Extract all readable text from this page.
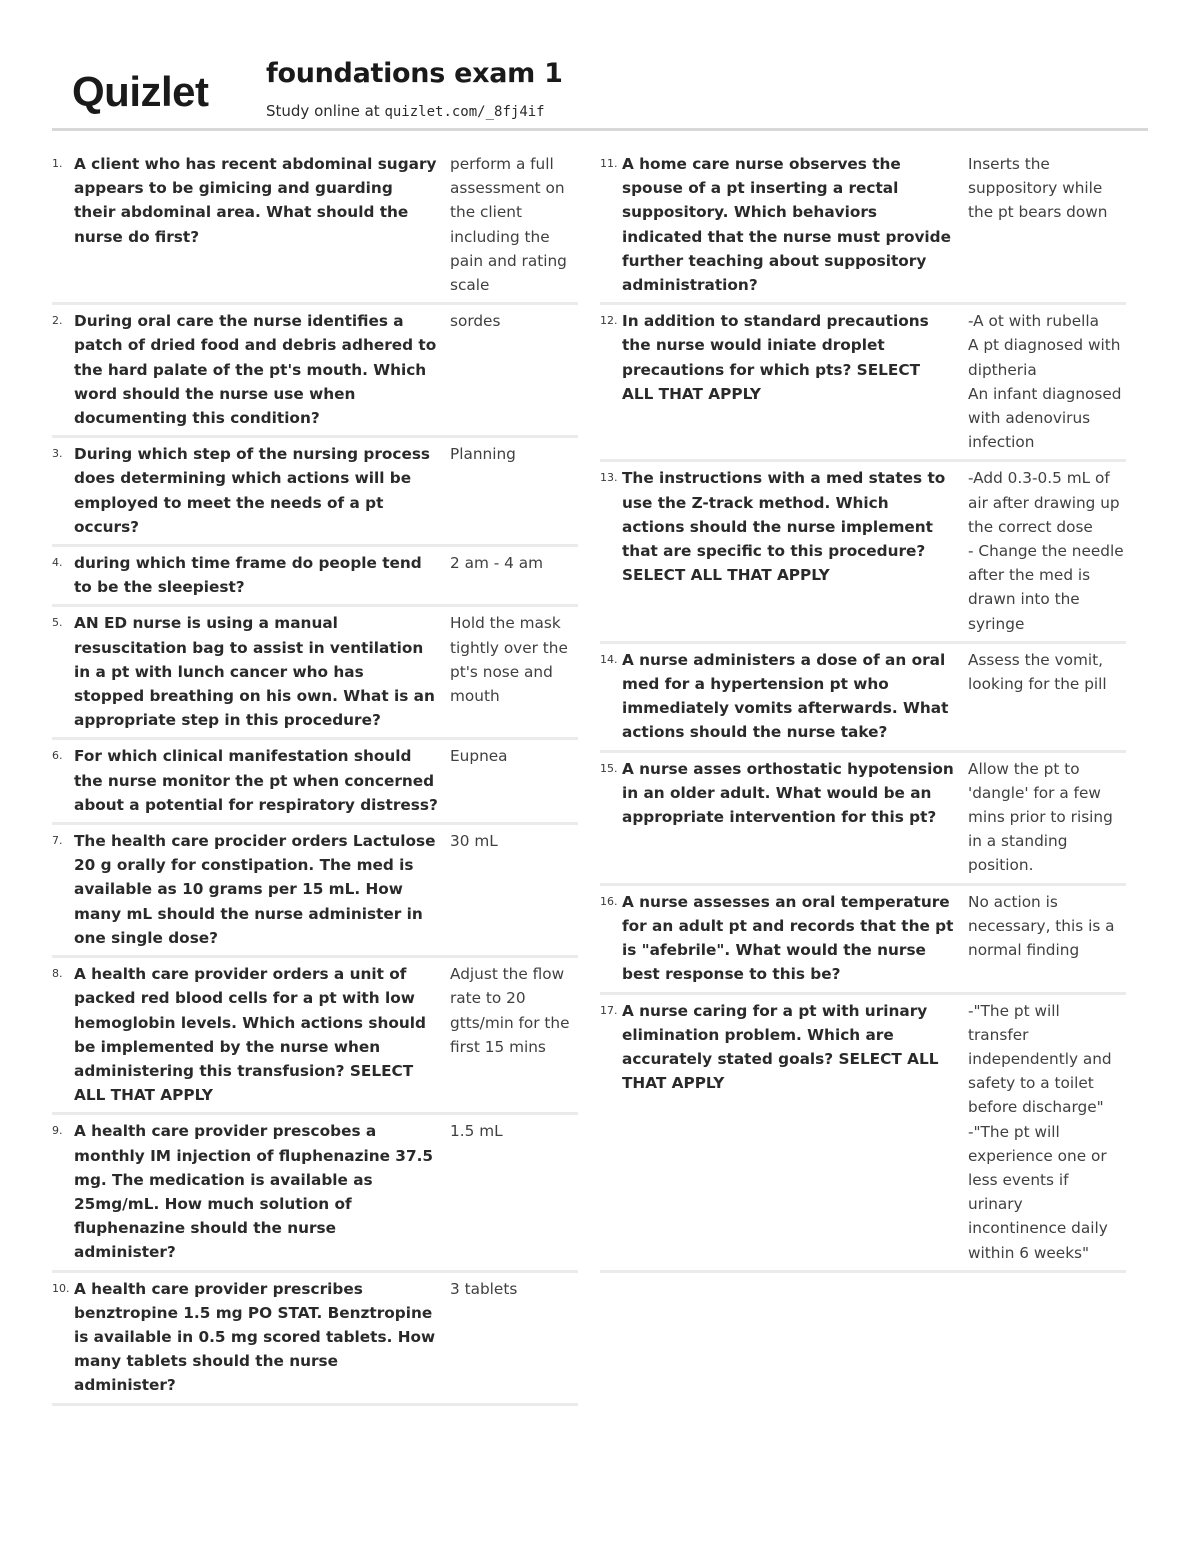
Quizlet foundations exam 1
Study online at quizlet.com/_8fj4if
1. A client who has recent abdominal sugary appears to be gimicing and guarding their abdominal area. What should the nurse do first?
perform a full assessment on the client including the pain and rating scale
2. During oral care the nurse identifies a patch of dried food and debris adhered to the hard palate of the pt's mouth. Which word should the nurse use when documenting this condition?
sordes
3. During which step of the nursing process does determining which actions will be employed to meet the needs of a pt occurs?
Planning
4. during which time frame do people tend to be the sleepiest?
2 am - 4 am
5. AN ED nurse is using a manual resuscitation bag to assist in ventilation in a pt with lunch cancer who has stopped breathing on his own. What is an appropriate step in this procedure?
Hold the mask tightly over the pt's nose and mouth
6. For which clinical manifestation should the nurse monitor the pt when concerned about a potential for respiratory distress?
Eupnea
7. The health care procider orders Lactulose 20 g orally for constipation. The med is available as 10 grams per 15 mL. How many mL should the nurse administer in one single dose?
30 mL
8. A health care provider orders a unit of packed red blood cells for a pt with low hemoglobin levels. Which actions should be implemented by the nurse when administering this transfusion? SELECT ALL THAT APPLY
Adjust the flow rate to 20 gtts/min for the first 15 mins
9. A health care provider prescobes a monthly IM injection of fluphenazine 37.5 mg. The medication is available as 25mg/mL. How much solution of fluphenazine should the nurse administer?
1.5 mL
10. A health care provider prescribes benztropine 1.5 mg PO STAT. Benztropine is available in 0.5 mg scored tablets. How many tablets should the nurse administer?
3 tablets
11. A home care nurse observes the spouse of a pt inserting a rectal suppository. Which behaviors indicated that the nurse must provide further teaching about suppository administration?
Inserts the suppository while the pt bears down
12. In addition to standard precautions the nurse would iniate droplet precautions for which pts? SELECT ALL THAT APPLY
-A ot with rubella
A pt diagnosed with diptheria
An infant diagnosed with adenovirus infection
13. The instructions with a med states to use the Z-track method. Which actions should the nurse implement that are specific to this procedure? SELECT ALL THAT APPLY
-Add 0.3-0.5 mL of air after drawing up the correct dose
- Change the needle after the med is drawn into the syringe
14. A nurse administers a dose of an oral med for a hypertension pt who immediately vomits afterwards. What actions should the nurse take?
Assess the vomit, looking for the pill
15. A nurse asses orthostatic hypotension in an older adult. What would be an appropriate intervention for this pt?
Allow the pt to 'dangle' for a few mins prior to rising in a standing position.
16. A nurse assesses an oral temperature for an adult pt and records that the pt is "afebrile". What would the nurse best response to this be?
No action is necessary, this is a normal finding
17. A nurse caring for a pt with urinary elimination problem. Which are accurately stated goals? SELECT ALL THAT APPLY
-"The pt will transfer independently and safety to a toilet before discharge"
-"The pt will experience one or less events if urinary incontinence daily within 6 weeks"
